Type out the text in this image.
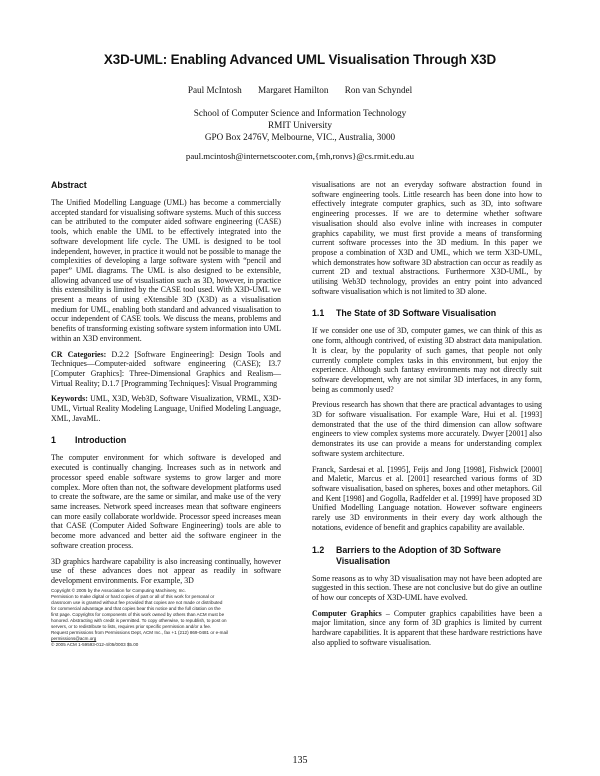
X3D-UML: Enabling Advanced UML Visualisation Through X3D
Paul McIntosh Margaret Hamilton Ron van Schyndel
School of Computer Science and Information Technology
RMIT University
GPO Box 2476V, Melbourne, VIC., Australia, 3000
paul.mcintosh@internetscooter.com,{mh,ronvs}@cs.rmit.edu.au
Abstract

The Unified Modelling Language (UML) has become a commercially accepted standard for visualising software systems. Much of this success can be attributed to the computer aided software engineering (CASE) tools, which enable the UML to be effectively integrated into the software development life cycle. The UML is designed to be tool independent, however, in practice it would not be possible to manage the complexities of developing a large software system with “pencil and paper” UML diagrams. The UML is also designed to be extensible, allowing advanced use of visualisation such as 3D, however, in practice this extensibility is limited by the CASE tool used. With X3D-UML we present a means of using eXtensible 3D (X3D) as a visualisation medium for UML, enabling both standard and advanced visualisation to occur independent of CASE tools. We discuss the means, problems and benefits of transforming existing software system information into UML within an X3D environment.

CR Categories: D.2.2 [Software Engineering]: Design Tools and Techniques—Computer-aided software engineering (CASE); I3.7 [Computer Graphics]: Three-Dimensional Graphics and Realism—Virtual Reality; D.1.7 [Programming Techniques]: Visual Programming

Keywords: UML, X3D, Web3D, Software Visualization, VRML, X3D-UML, Virtual Reality Modeling Language, Unified Modeling Language, XML, JavaML.

1	Introduction

The computer environment for which software is developed and executed is continually changing. Increases such as in network and processor speed enable software systems to grow larger and more complex. More often than not, the software development platforms used to create the software, are the same or similar, and make use of the very same increases. Network speed increases mean that software engineers can more easily collaborate worldwide. Processor speed increases mean that CASE (Computer Aided Software Engineering) tools are able to become more advanced and better aid the software engineer in the software creation process.

3D graphics hardware capability is also increasing continually, however use of these advances does not appear as readily in software development environments. For example, 3D

Copyright © 2005 by the Association for Computing Machinery, Inc.
Permission to make digital or hard copies of part or all of this work for personal or
classroom use is granted without fee provided that copies are not made or distributed
for commercial advantage and that copies bear this notice and the full citation on the
first page. Copyrights for components of this work owned by others than ACM must be
honored. Abstracting with credit is permitted. To copy otherwise, to republish, to post on
servers, or to redistribute to lists, requires prior specific permission and/or a fee.
Request permissions from Permissions Dept, ACM Inc., fax +1 (212) 869-0481 or e-mail
permissions@acm.org
© 2005 ACM 1-59593-012-4/05/0003 $5.00

visualisations are not an everyday software abstraction found in software engineering tools. Little research has been done into how to effectively integrate computer graphics, such as 3D, into software engineering processes. If we are to determine whether software visualisation should also evolve inline with increases in computer graphics capability, we must first provide a means of transforming current software processes into the 3D medium. In this paper we propose a combination of X3D and UML, which we term X3D-UML, which demonstrates how software 3D abstraction can occur as readily as current 2D and textual abstractions. Furthermore X3D-UML, by utilising Web3D technology, provides an entry point into advanced software visualisation which is not limited to 3D alone.

1.1	The State of 3D Software Visualisation

If we consider one use of 3D, computer games, we can think of this as one form, although contrived, of existing 3D abstract data manipulation. It is clear, by the popularity of such games, that people not only currently complete complex tasks in this environment, but enjoy the experience. Although such fantasy environments may not directly suit software development, why are not similar 3D interfaces, in any form, being as commonly used?

Previous research has shown that there are practical advantages to using 3D for software visualisation. For example Ware, Hui et al. [1993] demonstrated that the use of the third dimension can allow software engineers to view complex systems more accurately. Dwyer [2001] also demonstrates its use can provide a means for understanding complex software system architecture.

Franck, Sardesai et al. [1995], Feijs and Jong [1998], Fishwick [2000] and Maletic, Marcus et al. [2001] researched various forms of 3D software visualisation, based on spheres, boxes and other metaphors. Gil and Kent [1998] and Gogolla, Radfelder et al. [1999] have proposed 3D Unified Modelling Language notation. However software engineers rarely use 3D environments in their every day work although the notations, evidence of benefit and graphics capability are available.

1.2	Barriers to the Adoption of 3D Software Visualisation

Some reasons as to why 3D visualisation may not have been adopted are suggested in this section. These are not conclusive but do give an outline of how our concepts of X3D-UML have evolved.

Computer Graphics – Computer graphics capabilities have been a major limitation, since any form of 3D graphics is limited by current hardware capabilities. It is apparent that these hardware restrictions have also applied to software visualisation.

135
